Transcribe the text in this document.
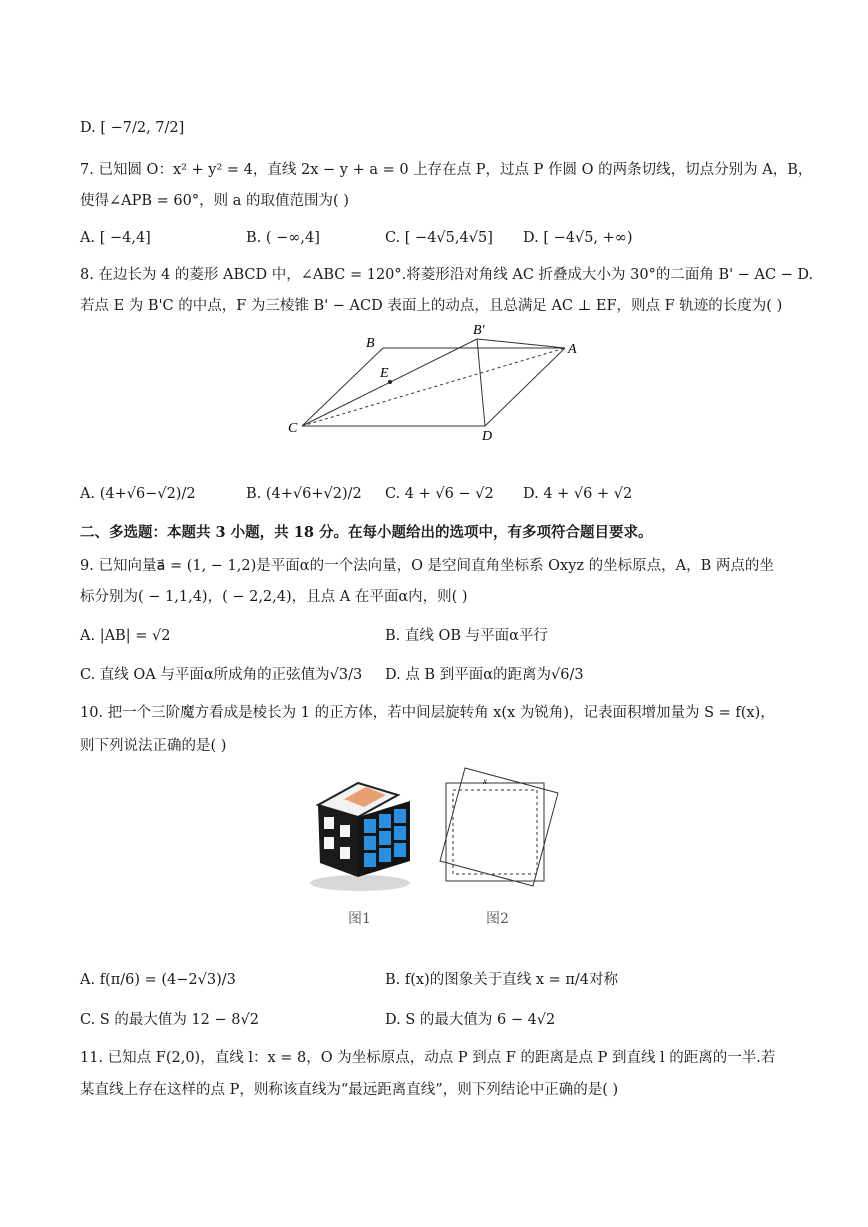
D. [ −7/2, 7/2]
7. 已知圆 O：x² + y² = 4，直线 2x − y + a = 0 上存在点 P，过点 P 作圆 O 的两条切线，切点分别为 A，B，
使得∠APB = 60°，则 a 的取值范围为( )
A. [ −4,4]	B. ( −∞,4]	C. [ −4√5,4√5] D. [ −4√5, +∞)
8. 在边长为 4 的菱形 ABCD 中，∠ABC = 120°.将菱形沿对角线 AC 折叠成大小为 30°的二面角 B' − AC − D.
若点 E 为 B'C 的中点，F 为三棱锥 B' − ACD 表面上的动点，且总满足 AC ⊥ EF，则点 F 轨迹的长度为( )
B
B′
A
E
C
D
A. (4+√6−√2)/2	B. (4+√6+√2)/2 C. 4 + √6 − √2 D. 4 + √6 + √2
二、多选题：本题共 3 小题，共 18 分。在每小题给出的选项中，有多项符合题目要求。
9. 已知向量a⃗ = (1, − 1,2)是平面α的一个法向量，O 是空间直角坐标系 Oxyz 的坐标原点，A，B 两点的坐
标分别为( − 1,1,4)，( − 2,2,4)，且点 A 在平面α内，则( )
A. |AB| = √2	B. 直线 OB 与平面α平行
C. 直线 OA 与平面α所成角的正弦值为√3/3 D. 点 B 到平面α的距离为√6/3
10. 把一个三阶魔方看成是棱长为 1 的正方体，若中间层旋转角 x(x 为锐角)，记表面积增加量为 S = f(x)，
则下列说法正确的是( )
x
图1	图2
A. f(π/6) = (4−2√3)/3	B. f(x)的图象关于直线 x = π/4对称
C. S 的最大值为 12 − 8√2	D. S 的最大值为 6 − 4√2
11. 已知点 F(2,0)，直线 l：x = 8，O 为坐标原点，动点 P 到点 F 的距离是点 P 到直线 l 的距离的一半.若
某直线上存在这样的点 P，则称该直线为“最远距离直线”，则下列结论中正确的是( )
